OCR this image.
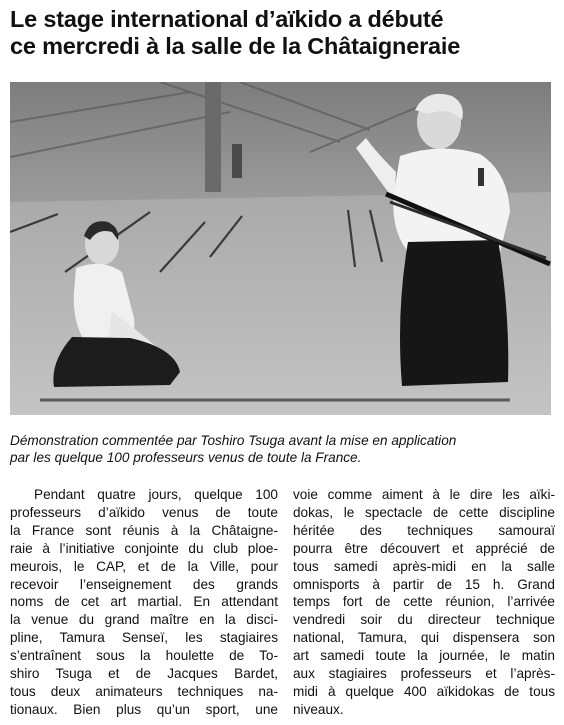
Le stage international d’aïkido a débuté
ce mercredi à la salle de la Châtaigneraie

Démonstration commentée par Toshiro Tsuga avant la mise en application
par les quelque 100 professeurs venus de toute la France.

Pendant quatre jours, quelque 100
professeurs d’aïkido venus de toute
la France sont réunis à la Châtaigne-
raie à l’initiative conjointe du club ploe-
meurois, le CAP, et de la Ville, pour
recevoir l’enseignement des grands
noms de cet art martial. En attendant
la venue du grand maître en la disci-
pline, Tamura Senseï, les stagiaires
s’entraînent sous la houlette de To-
shiro Tsuga et de Jacques Bardet,
tous deux animateurs techniques na-
tionaux. Bien plus qu’un sport, une
voie comme aiment à le dire les aïki-
dokas, le spectacle de cette discipline
héritée des techniques samouraï
pourra être découvert et apprécié de
tous samedi après-midi en la salle
omnisports à partir de 15 h. Grand
temps fort de cette réunion, l’arrivée
vendredi soir du directeur technique
national, Tamura, qui dispensera son
art samedi toute la journée, le matin
aux stagiaires professeurs et l’après-
midi à quelque 400 aïkidokas de tous
niveaux.
